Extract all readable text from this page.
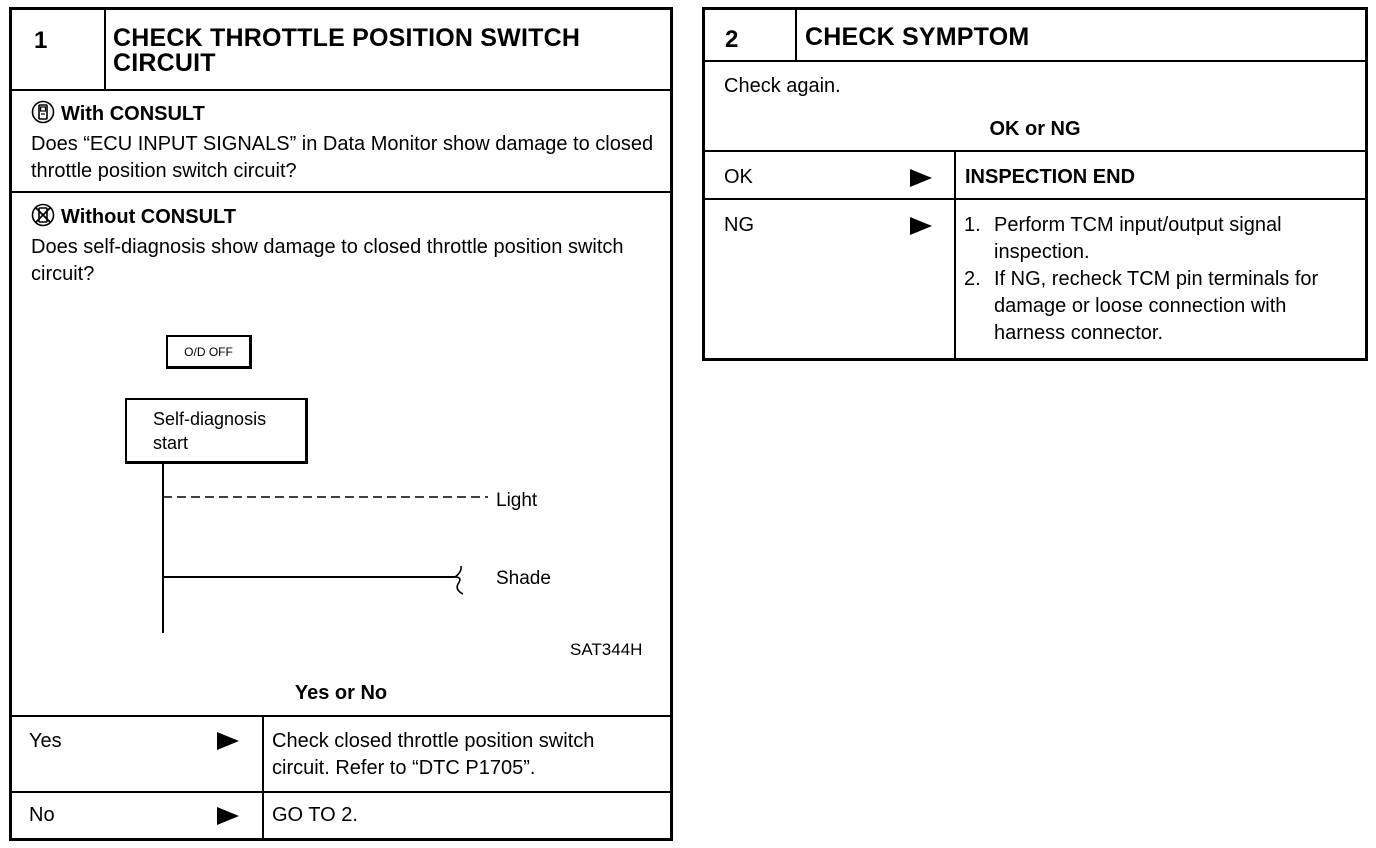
1	CHECK THROTTLE POSITION SWITCH CIRCUIT
With CONSULT
Does “ECU INPUT SIGNALS” in Data Monitor show damage to closed throttle position switch circuit?
Without CONSULT
Does self-diagnosis show damage to closed throttle position switch circuit?
O/D OFF
Self-diagnosis
start
Light
Shade
SAT344H
Yes or No
Yes	Check closed throttle position switch circuit. Refer to “DTC P1705”.
No	GO TO 2.
2	CHECK SYMPTOM
Check again.
OK or NG
OK	INSPECTION END
NG	1. Perform TCM input/output signal inspection.
2. If NG, recheck TCM pin terminals for damage or loose connection with harness connector.
